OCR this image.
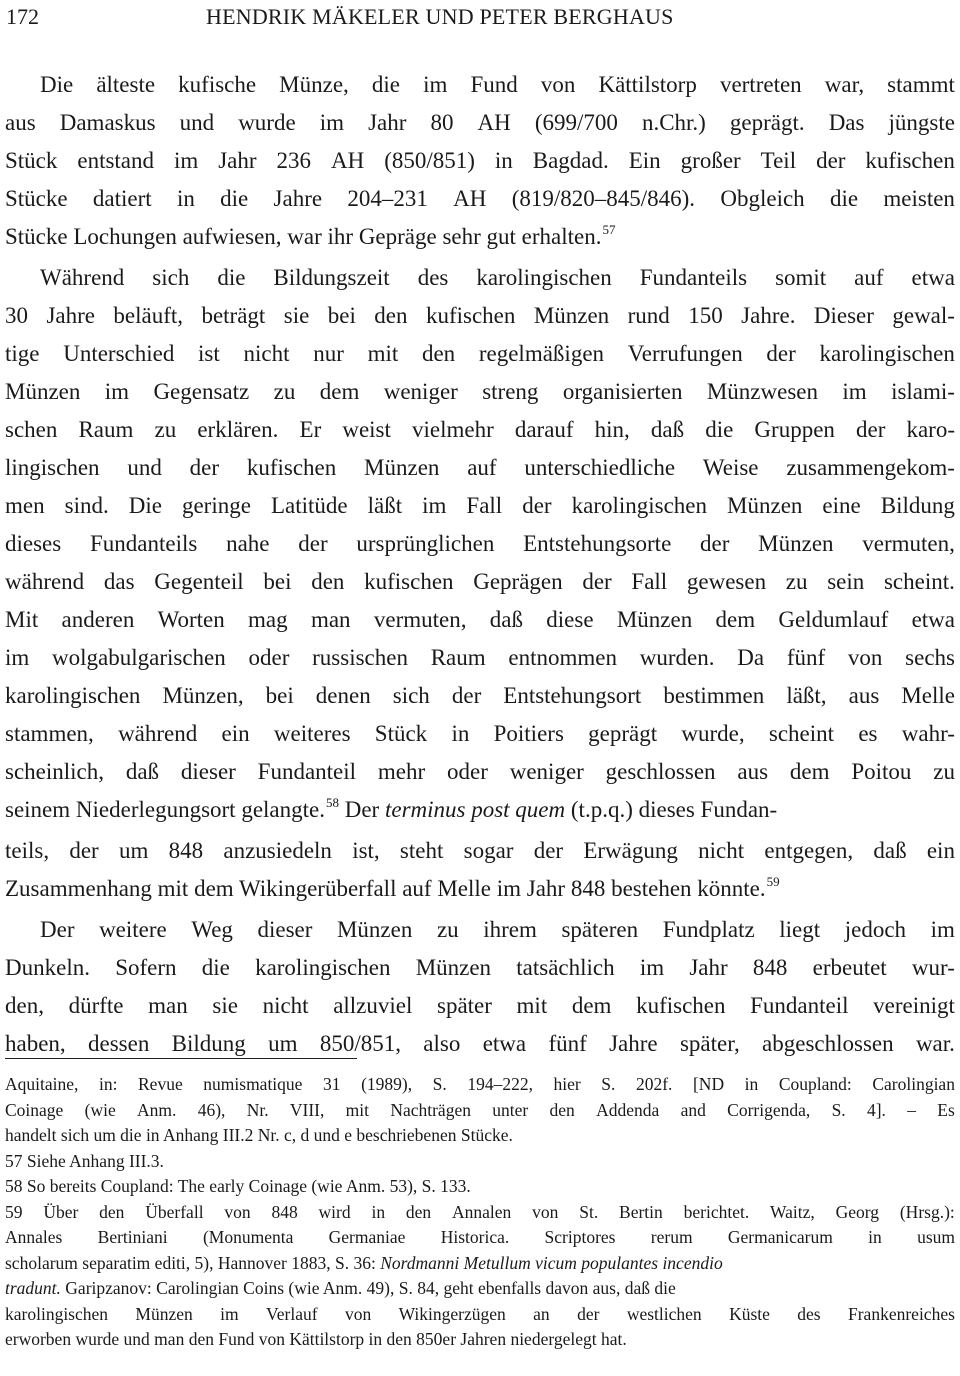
172	HENDRIK MÄKELER UND PETER BERGHAUS
Die älteste kufische Münze, die im Fund von Kättilstorp vertreten war, stammt
aus Damaskus und wurde im Jahr 80 AH (699/700 n.Chr.) geprägt. Das jüngste
Stück entstand im Jahr 236 AH (850/851) in Bagdad. Ein großer Teil der kufischen
Stücke datiert in die Jahre 204–231 AH (819/820–845/846). Obgleich die meisten
Stücke Lochungen aufwiesen, war ihr Gepräge sehr gut erhalten.$^{57}$
Während sich die Bildungszeit des karolingischen Fundanteils somit auf etwa
30 Jahre beläuft, beträgt sie bei den kufischen Münzen rund 150 Jahre. Dieser gewal-
tige Unterschied ist nicht nur mit den regelmäßigen Verrufungen der karolingischen
Münzen im Gegensatz zu dem weniger streng organisierten Münzwesen im islami-
schen Raum zu erklären. Er weist vielmehr darauf hin, daß die Gruppen der karo-
lingischen und der kufischen Münzen auf unterschiedliche Weise zusammengekom-
men sind. Die geringe Latitüde läßt im Fall der karolingischen Münzen eine Bildung
dieses Fundanteils nahe der ursprünglichen Entstehungsorte der Münzen vermuten,
während das Gegenteil bei den kufischen Geprägen der Fall gewesen zu sein scheint.
Mit anderen Worten mag man vermuten, daß diese Münzen dem Geldumlauf etwa
im wolgabulgarischen oder russischen Raum entnommen wurden. Da fünf von sechs
karolingischen Münzen, bei denen sich der Entstehungsort bestimmen läßt, aus Melle
stammen, während ein weiteres Stück in Poitiers geprägt wurde, scheint es wahr-
scheinlich, daß dieser Fundanteil mehr oder weniger geschlossen aus dem Poitou zu
seinem Niederlegungsort gelangte.$^{58}$ Der terminus post quem (t.p.q.) dieses Fundan-
teils, der um 848 anzusiedeln ist, steht sogar der Erwägung nicht entgegen, daß ein
Zusammenhang mit dem Wikingerüberfall auf Melle im Jahr 848 bestehen könnte.$^{59}$
Der weitere Weg dieser Münzen zu ihrem späteren Fundplatz liegt jedoch im
Dunkeln. Sofern die karolingischen Münzen tatsächlich im Jahr 848 erbeutet wur-
den, dürfte man sie nicht allzuviel später mit dem kufischen Fundanteil vereinigt
haben, dessen Bildung um 850/851, also etwa fünf Jahre später, abgeschlossen war.
Aquitaine, in: Revue numismatique 31 (1989), S. 194–222, hier S. 202f. [ND in Coupland: Carolingian
Coinage (wie Anm. 46), Nr. VIII, mit Nachträgen unter den Addenda and Corrigenda, S. 4]. – Es
handelt sich um die in Anhang III.2 Nr. c, d und e beschriebenen Stücke.
57 Siehe Anhang III.3.
58 So bereits Coupland: The early Coinage (wie Anm. 53), S. 133.
59 Über den Überfall von 848 wird in den Annalen von St. Bertin berichtet. Waitz, Georg (Hrsg.):
Annales Bertiniani (Monumenta Germaniae Historica. Scriptores rerum Germanicarum in usum
scholarum separatim editi, 5), Hannover 1883, S. 36: Nordmanni Metullum vicum populantes incendio
tradunt. Garipzanov: Carolingian Coins (wie Anm. 49), S. 84, geht ebenfalls davon aus, daß die
karolingischen Münzen im Verlauf von Wikingerzügen an der westlichen Küste des Frankenreiches
erworben wurde und man den Fund von Kättilstorp in den 850er Jahren niedergelegt hat.
